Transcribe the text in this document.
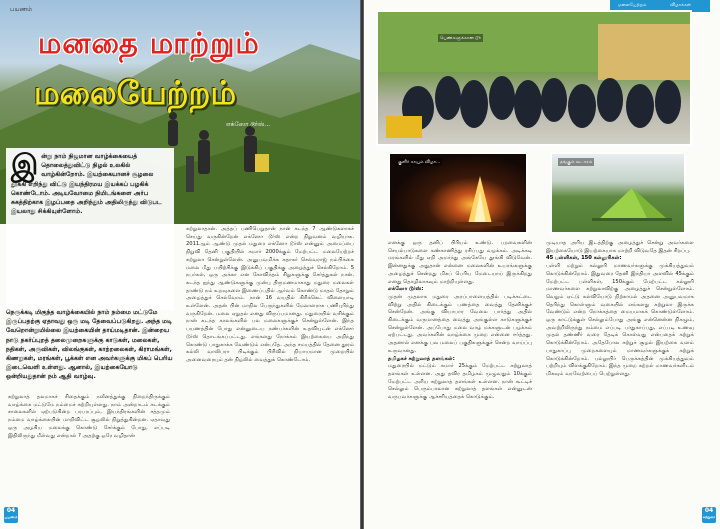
பயணம்
மனதை மாற்றும்
மலையேற்றம்
எக்ஸோ டூர்ஸ்...
இ ன்று நாம் நிஜமான வாழ்க்கையைத் தொலைத்துவிட்டு நிழல் உலகில் வாழ்கின்றோம். இயற்கையானச் சூழலை தூக்கி எறிந்து விட்டு இயந்திரமய இயக்கப் பழகிக் கொண்டோம். அடியவோமை நிமிடங்களை அர்ப சுகத்திற்காக இழப்பதை அறிந்தும் அதிலிருந்து விடுபட இயலாது சிக்கியுள்ளோம்.
நெருக்கடி மிகுந்த வாழ்க்கையில் நாம் நம்மை மட்டுமே இருப்பதற்கு ஏதாவது ஒரு மடி தேவைப்படுகிறது. அந்த மடி வேறொன்றுமில்லை இயற்கையின் தாய்மடிதான். இன்றைய நாடு நகர்ப்புறத் தலைமுறைகளுக்கு காடுகள், மலைகள், நதிகள், அருவிகள், விலங்குகள், காற்றலைகள், கிராமங்கள், கிணறுகள், மரங்கள், பூக்கள் என அவர்களுக்கு மிகப் பெரிய இடைவெளி உள்ளது. ஆனால், இயற்கையோடு ஒன்றியதுதான் நம் ஆதி வாழ்வு.
சுற்றுலாத் தலமாகச் சிதைக்கும் நவீனத்துக்கு நிறைந்திருக்கும் வாழ்க்கை மட்டுமே நம்மைச் சுற்றியுள்ளது. நாம் அன்றாடம் கடக்கும் சாலைகளில் ஏற்படுகின்ற பரபரப்பும், இயந்திரங்களின் சத்தமும் நம்மை வாழ்க்கையின் மாறிவிட்ட சூழலில் நிறுத்துகின்றன. ஏதாவது ஒரு அழகிய மலைக்கு கொண்டு சேர்க்கும் போது, எப்படி இதிலிருந்து மீள்வது என்றால் ? அதற்கு ஒரே வழிதான்
சுற்றுலாதான். அத்தப் பணிபெறுதான் நான் கடந்த 7 ஆண்டுகளாகச் செய்து வருகின்றேன் எக்ஸோ டூர்ஸ் என்ற நிறுவனம் வழியாக. 2011ஆம் ஆண்டு முதல் மதுரை எக்ஸோ டூர்ஸ் என்னும் அமைப்பை நிறுவி தேனி பகுதியில் சுமார் 2000க்கும் மேற்பட்ட மலையேற்றச் சுற்றுலா சென்றுள்ளேன். அனுபவமிக்க சுதாகர் செல்வராஜ் நம்பிக்கை மலை மீது பயிற்சிக்கு இடுக்கிப் பகுதிக்கு அழைத்துச் செல்கிறோம். 5 நபர்கள், ஒரு அக்கா என கோவிந்தம் சிறுகளுக்கு சேர்த்துகள் நான். கடந்த ஐந்து ஆண்டுகளுக்கு முன்பு திருமணமாகாது மதுரை மலைகள் தாண்டு நம் உறவுகளை இணைப்பதில் ஆர்வம் கொண்டு மாதம் தோறும் அழைத்துச் செல்வோம். நான் 16 வயதில் கிரிக்கெட் விளையாடி உள்ளேன். அதன் பின் மாநில பேருந்துகளில் மேலாளராக பணிபுரிந்து வருகிறேன். மலை ஏறுதல் எனது விருப்பமானது. மதுரையில் வசிக்கும் நான் கடந்த காலங்களில் பல மலைகளுக்குச் சென்றுள்ளேன். இந்த பயணத்தின் போது என்னுடைய நண்பர்களின் உதவியுடன் எக்ஸோ டூர்ஸ் தொடங்கப்பட்டது. எங்களது நோக்கம் இயற்கையை அறிந்து கொண்டு பாதுகாக்க வேண்டும் என்பதே. அந்த சமயத்தில் தேனை தூரம் கல்லி வாலிபரா பிடிக்கும் பிரிவில் நியாயமான முறையில் அனைவரையும் தன் நிழலில் வைத்துக் கொண்டோம்.
04
பயணம்
மலையேற்றம்	விழாக்கள்
பெண்களுக்கான டூர்
குளிர் காயும் விழா...	தங்கும் கூடாரம்
எனக்கு ஒரு தனிப் பிரியம் உண்டு. பறவைகளின் செயல்பாடுகளை கண்காணித்து ரசிப்பது வழக்கம். அடிக்கடி மரங்களில் மீது ஏறி அமர்ந்து அங்கேயே தூங்கி விடுவேன். இன்னதுக்கு அதுதான் என்னை மலைகளின் உயரங்களுக்கு அழைத்துச் சென்றது மிகப் பெரிய மேடையாய் இருக்கிறது எனது தொழிலாகவும் மாற்றியுள்ளது.
எக்ஸோ டூர்ஸ்:
முதன் முதலாக மதுரை அரப்பாளையத்தில் படிக்கட்டை விற்று அதில் கிடைக்கும் பணத்தை வைத்து தேனிக்குச் சென்றேன். அங்கு வியாபார வேலை பார்த்து அதில் கிடைக்கும் வருமானத்தை வைத்து அங்குள்ள காடுகளுக்குச் சென்றுள்ளேன். அப்போது மலை வாழ் மக்களுடன் பழக்கம் ஏற்பட்டது. அவர்களின் வாழ்க்கை முறை என்னை ஈர்த்தது. அதனால் எனக்கு பல மலைப் பகுதிகளுக்குச் சென்ற வாய்ப்பு உருவானது.
தமிழகச் சுற்றுலாத் தளங்கள்:
மதுரையில் மட்டும் சுமார் 25க்கும் மேற்பட்ட சுற்றுலாத் தளங்கள் உள்ளன. அது தவிர தமிழகம் முழுவதும் 10க்கும் மேற்பட்ட அரிய சுற்றுலாத் தளங்கள் உள்ளன. நான் கூட்டிச் செல்லும் பெரும்பாலான சுற்றுலாத் தளங்கள் என்னுடன் வருபவர்களுக்கு ஆச்சரியத்தைக் கொடுக்கும்.
முடியாத அரிய இடத்திற்கு அழைத்துச் சென்று அவர்களை இயற்கையோடு இயற்கையாக மாற்றி விடுவதே இதன் சிறப்பு.
45 பள்ளிகள், 150 கல்லூரிகள்:
பள்ளி மற்றும் கல்லூரி மாணவர்களுக்கு முக்கியத்துவம் கொடுக்கின்றோம். இதுவரை தேனி இந்தியா அளவில் 45க்கும் மேற்பட்ட பள்ளிகள், 150க்கும் மேற்பட்ட கல்லூரி மாணவர்களை சுற்றுலாவிற்கு அழைத்துச் சென்றுள்ளோம். வெறும் ஏட்டு கல்வியோடு நிற்காமல் அதனை அனுபவமாக தெரிந்து கொள்ளும் வகையில் எங்களது சுற்றுலா இருக்க வேண்டும் என்ற நோக்கத்தை மையமாகக் கொண்டுள்ளோம். ஒரு காட்டுக்குள் செல்லும்போது அங்கு என்னென்ன நிகழும், அவற்றிலிருந்து நம்மை எப்படி பாதுகாப்பது, எப்படி உணவு முதல் தண்ணீர் வரை தேடிக் கொள்வது என்பதைக் கற்றுக் கொடுக்கின்றோம். அதேபோல சுற்றுச் சூழல் இயற்கை வளம் பாதுகாப்பு முறைகளையும் மாணவர்களுக்குக் கற்றுக் கொடுக்கின்றோம். பல்லுயிர் பெருக்கத்தின் முக்கியத்துவம் பற்றியும் விளக்குகிறோம். இந்த முறை கற்றல் மாணவர்களிடம் மிகவும் வரவேற்பைப் பெற்றுள்ளது.
04
சுற்றுலா
